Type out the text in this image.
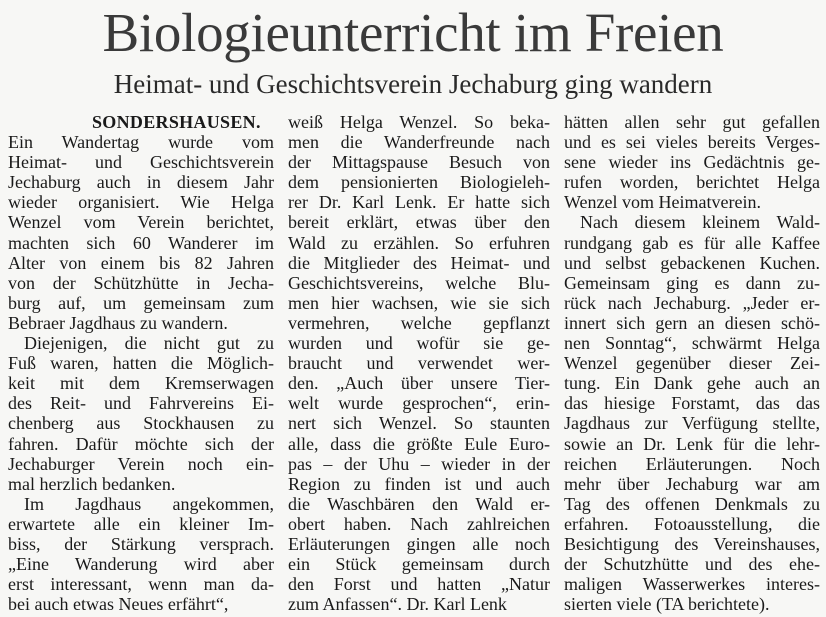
Biologieunterricht im Freien
Heimat- und Geschichtsverein Jechaburg ging wandern
SONDERSHAUSEN.
Ein Wandertag wurde vom
Heimat- und Geschichtsverein
Jechaburg auch in diesem Jahr
wieder organisiert. Wie Helga
Wenzel vom Verein berichtet,
machten sich 60 Wanderer im
Alter von einem bis 82 Jahren
von der Schützhütte in Jecha-
burg auf, um gemeinsam zum
Bebraer Jagdhaus zu wandern.
Diejenigen, die nicht gut zu
Fuß waren, hatten die Möglich-
keit mit dem Kremserwagen
des Reit- und Fahrvereins Ei-
chenberg aus Stockhausen zu
fahren. Dafür möchte sich der
Jechaburger Verein noch ein-
mal herzlich bedanken.
Im Jagdhaus angekommen,
erwartete alle ein kleiner Im-
biss, der Stärkung versprach.
„Eine Wanderung wird aber
erst interessant, wenn man da-
bei auch etwas Neues erfährt“,
weiß Helga Wenzel. So beka-
men die Wanderfreunde nach
der Mittagspause Besuch von
dem pensionierten Biologieleh-
rer Dr. Karl Lenk. Er hatte sich
bereit erklärt, etwas über den
Wald zu erzählen. So erfuhren
die Mitglieder des Heimat- und
Geschichtsvereins, welche Blu-
men hier wachsen, wie sie sich
vermehren, welche gepflanzt
wurden und wofür sie ge-
braucht und verwendet wer-
den. „Auch über unsere Tier-
welt wurde gesprochen“, erin-
nert sich Wenzel. So staunten
alle, dass die größte Eule Euro-
pas – der Uhu – wieder in der
Region zu finden ist und auch
die Waschbären den Wald er-
obert haben. Nach zahlreichen
Erläuterungen gingen alle noch
ein Stück gemeinsam durch
den Forst und hatten „Natur
zum Anfassen“. Dr. Karl Lenk
hätten allen sehr gut gefallen
und es sei vieles bereits Verges-
sene wieder ins Gedächtnis ge-
rufen worden, berichtet Helga
Wenzel vom Heimatverein.
Nach diesem kleinem Wald-
rundgang gab es für alle Kaffee
und selbst gebackenen Kuchen.
Gemeinsam ging es dann zu-
rück nach Jechaburg. „Jeder er-
innert sich gern an diesen schö-
nen Sonntag“, schwärmt Helga
Wenzel gegenüber dieser Zei-
tung. Ein Dank gehe auch an
das hiesige Forstamt, das das
Jagdhaus zur Verfügung stellte,
sowie an Dr. Lenk für die lehr-
reichen Erläuterungen. Noch
mehr über Jechaburg war am
Tag des offenen Denkmals zu
erfahren. Fotoausstellung, die
Besichtigung des Vereinshauses,
der Schutzhütte und des ehe-
maligen Wasserwerkes interes-
sierten viele (TA berichtete).
